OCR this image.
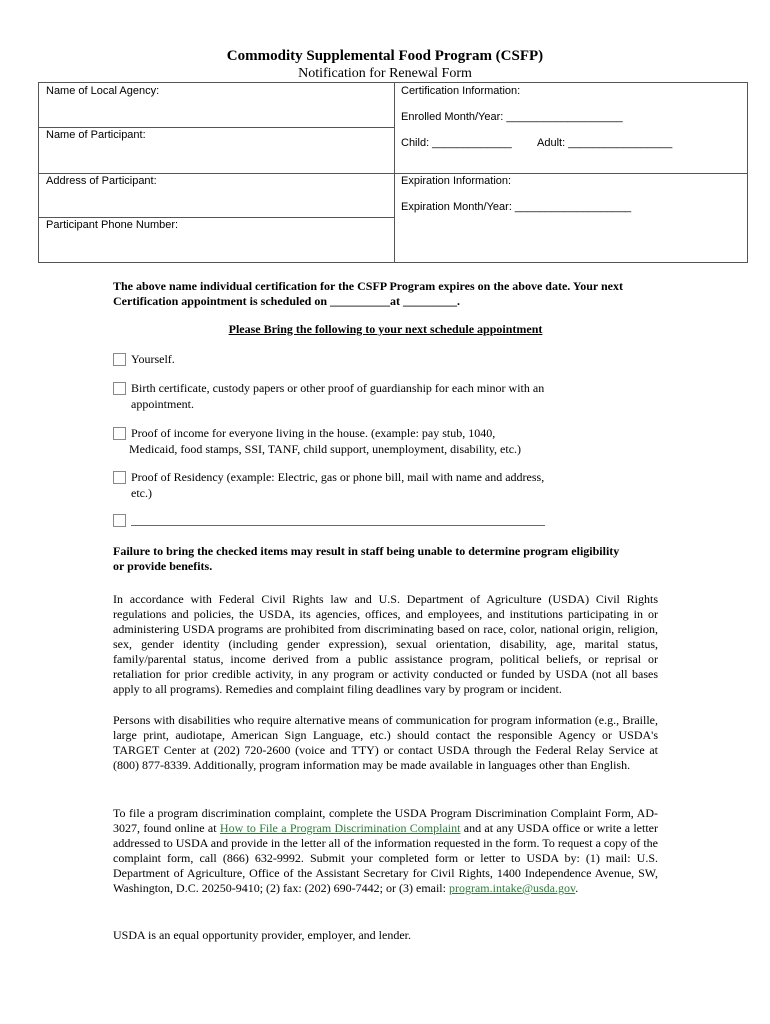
Commodity Supplemental Food Program (CSFP)
Notification for Renewal Form
Name of Local Agency:
Name of Participant:
Address of Participant:
Participant Phone Number:
Certification Information:
Enrolled Month/Year: ___________________
Child: _____________ Adult: _________________
Expiration Information:
Expiration Month/Year: ___________________
The above name individual certification for the CSFP Program expires on the above date. Your next
Certification appointment is scheduled on __________at _________.
Please Bring the following to your next schedule appointment
Yourself.
Birth certificate, custody papers or other proof of guardianship for each minor with an
appointment.
Proof of income for everyone living in the house. (example: pay stub, 1040,
Medicaid, food stamps, SSI, TANF, child support, unemployment, disability, etc.)
Proof of Residency (example: Electric, gas or phone bill, mail with name and address,
etc.)
_____________________________________________________________________
Failure to bring the checked items may result in staff being unable to determine program eligibility
or provide benefits.

In accordance with Federal Civil Rights law and U.S. Department of Agriculture (USDA) Civil Rights regulations and policies, the USDA, its agencies, offices, and employees, and institutions participating in or administering USDA programs are prohibited from discriminating based on race, color, national origin, religion, sex, gender identity (including gender expression), sexual orientation, disability, age, marital status, family/parental status, income derived from a public assistance program, political beliefs, or reprisal or retaliation for prior credible activity, in any program or activity conducted or funded by USDA (not all bases apply to all programs). Remedies and complaint filing deadlines vary by program or incident.

Persons with disabilities who require alternative means of communication for program information (e.g., Braille, large print, audiotape, American Sign Language, etc.) should contact the responsible Agency or USDA's TARGET Center at (202) 720-2600 (voice and TTY) or contact USDA through the Federal Relay Service at (800) 877-8339. Additionally, program information may be made available in languages other than English.

To file a program discrimination complaint, complete the USDA Program Discrimination Complaint Form, AD-3027, found online at How to File a Program Discrimination Complaint and at any USDA office or write a letter addressed to USDA and provide in the letter all of the information requested in the form. To request a copy of the complaint form, call (866) 632-9992. Submit your completed form or letter to USDA by: (1) mail: U.S. Department of Agriculture, Office of the Assistant Secretary for Civil Rights, 1400 Independence Avenue, SW, Washington, D.C. 20250-9410; (2) fax: (202) 690-7442; or (3) email: program.intake@usda.gov.

USDA is an equal opportunity provider, employer, and lender.
